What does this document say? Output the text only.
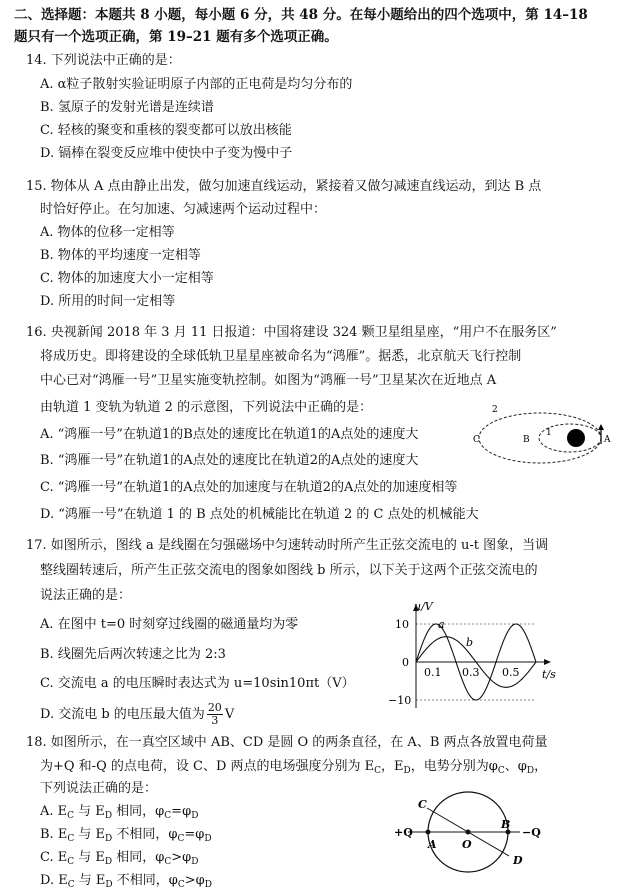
二、选择题：本题共 8 小题，每小题 6 分，共 48 分。在每小题给出的四个选项中，第 14–18
题只有一个选项正确，第 19–21 题有多个选项正确。
14. 下列说法中正确的是：
A. α粒子散射实验证明原子内部的正电荷是均匀分布的
B. 氢原子的发射光谱是连续谱
C. 轻核的聚变和重核的裂变都可以放出核能
D. 镉棒在裂变反应堆中使快中子变为慢中子
15. 物体从 A 点由静止出发，做匀加速直线运动，紧接着又做匀减速直线运动，到达 B 点
时恰好停止。在匀加速、匀减速两个运动过程中：
A. 物体的位移一定相等
B. 物体的平均速度一定相等
C. 物体的加速度大小一定相等
D. 所用的时间一定相等
16. 央视新闻 2018 年 3 月 11 日报道：中国将建设 324 颗卫星组星座，“用户不在服务区”
将成历史。即将建设的全球低轨卫星星座被命名为“鸿雁”。据悉，北京航天飞行控制
中心已对“鸿雁一号”卫星实施变轨控制。如图为“鸿雁一号”卫星某次在近地点 A
由轨道 1 变轨为轨道 2 的示意图，下列说法中正确的是：
A. “鸿雁一号”在轨道1的B点处的速度比在轨道1的A点处的速度大
B. “鸿雁一号”在轨道1的A点处的速度比在轨道2的A点处的速度大
C. “鸿雁一号”在轨道1的A点处的加速度与在轨道2的A点处的加速度相等
D. “鸿雁一号”在轨道 1 的 B 点处的机械能比在轨道 2 的 C 点处的机械能大
2
1
A
B
C
17. 如图所示，图线 a 是线圈在匀强磁场中匀速转动时所产生正弦交流电的 u-t 图象，当调
整线圈转速后，所产生正弦交流电的图象如图线 b 所示，以下关于这两个正弦交流电的
说法正确的是：
A. 在图中 t=0 时刻穿过线圈的磁通量均为零
B. 线圈先后两次转速之比为 2:3
C. 交流电 a 的电压瞬时表达式为 u=10sin10πt（V）
D. 交流电 b 的电压最大值为 $\frac{20}{3}$ V
u/V
t/s
10
0
−10
0.1 0.3 0.5
a
b
18. 如图所示，在一真空区域中 AB、CD 是圆 O 的两条直径，在 A、B 两点各放置电荷量
为+Q 和-Q 的点电荷，设 C、D 两点的电场强度分别为 $E_C$，$E_D$，电势分别为$\varphi_C$、$\varphi_D$，
下列说法正确的是：
A. $E_C$ 与 $E_D$ 相同，$\varphi_C=\varphi_D$
B. $E_C$ 与 $E_D$ 不相同，$\varphi_C=\varphi_D$
C. $E_C$ 与 $E_D$ 相同，$\varphi_C>\varphi_D$
D. $E_C$ 与 $E_D$ 不相同，$\varphi_C>\varphi_D$
C
D
A
B
O
+Q	−Q
